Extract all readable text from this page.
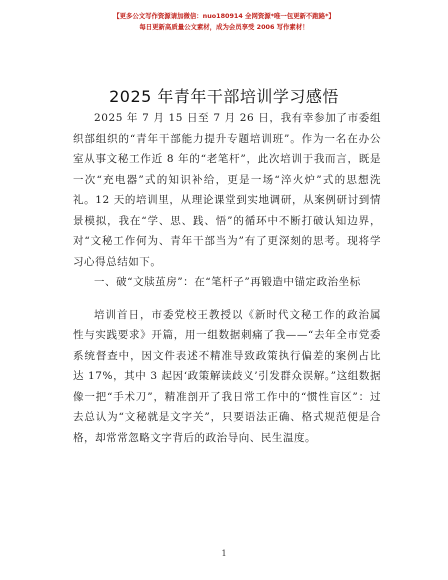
【更多公文写作资源请加微信：nuo180914 全网资源*唯一包更新不跑路*】
每日更新高质量公文素材，成为会员享受 2006 写作素材！
2025 年青年干部培训学习感悟

2025 年 7 月 15 日至 7 月 26 日，我有幸参加了市委组织部组织的“青年干部能力提升专题培训班”。作为一名在办公室从事文秘工作近 8 年的“老笔杆”，此次培训于我而言，既是一次“充电器”式的知识补给，更是一场“淬火炉”式的思想洗礼。12 天的培训里，从理论课堂到实地调研，从案例研讨到情景模拟，我在“学、思、践、悟”的循环中不断打破认知边界，对“文秘工作何为、青年干部当为”有了更深刻的思考。现将学习心得总结如下。

一、破“文牍茧房”：在“笔杆子”再锻造中锚定政治坐标

培训首日，市委党校王教授以《新时代文秘工作的政治属性与实践要求》开篇，用一组数据刺痛了我——“去年全市党委系统督查中，因文件表述不精准导致政策执行偏差的案例占比达 17%，其中 3 起因‘政策解读歧义’引发群众误解。”这组数据像一把“手术刀”，精准剖开了我日常工作中的“惯性盲区”：过去总认为“文秘就是文字关”，只要语法正确、格式规范便是合格，却常常忽略文字背后的政治导向、民生温度。

1
